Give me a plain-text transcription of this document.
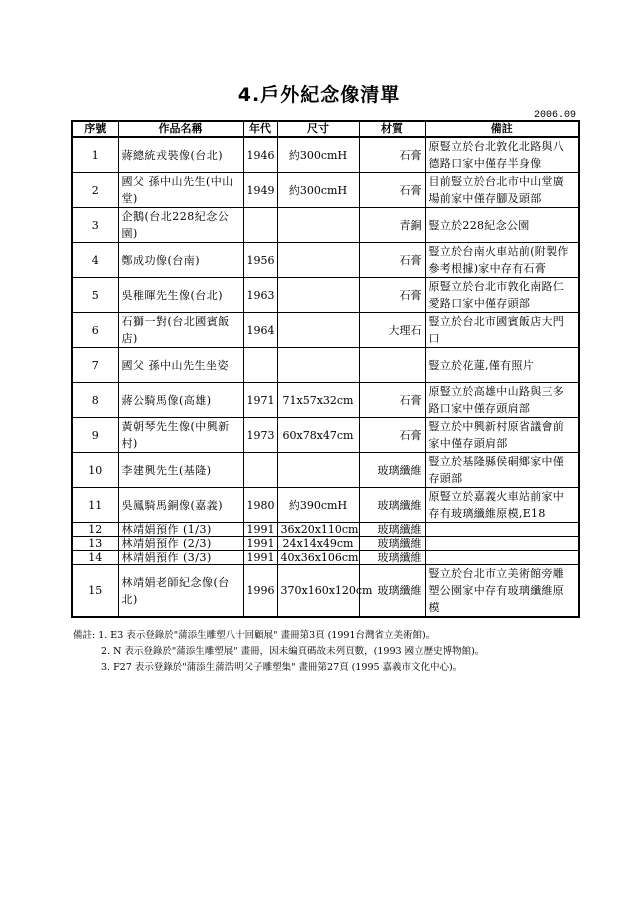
4.戶外紀念像清單
2006.09
序號	作品名稱	年代	尺寸	材質	備註
1	蔣總統戎裝像(台北)	1946	約300cmH	石膏	原豎立於台北敦化北路與八德路口家中僅存半身像
2	國父 孫中山先生(中山堂)	1949	約300cmH	石膏	目前豎立於台北市中山堂廣場前家中僅存腳及頭部
3	企鵝(台北228紀念公園)			青銅	豎立於228紀念公園
4	鄭成功像(台南)	1956		石膏	豎立於台南火車站前(附製作參考根據)家中存有石膏
5	吳稚暉先生像(台北)	1963		石膏	原豎立於台北市敦化南路仁愛路口家中僅存頭部
6	石獅一對(台北國賓飯店)	1964		大理石	豎立於台北市國賓飯店大門口
7	國父 孫中山先生坐姿				豎立於花蓮,僅有照片
8	蔣公騎馬像(高雄)	1971	71x57x32cm	石膏	原豎立於高雄中山路與三多路口家中僅存頭肩部
9	黃朝琴先生像(中興新村)	1973	60x78x47cm	石膏	豎立於中興新村原省議會前家中僅存頭肩部
10	李建興先生(基隆)			玻璃纖維	豎立於基隆縣侯硐鄉家中僅存頭部
11	吳鳳騎馬銅像(嘉義)	1980	約390cmH	玻璃纖維	原豎立於嘉義火車站前家中存有玻璃纖維原模,E18
12	林靖娟預作 (1/3)	1991	36x20x110cm	玻璃纖維	
13	林靖娟預作 (2/3)	1991	24x14x49cm	玻璃纖維	
14	林靖娟預作 (3/3)	1991	40x36x106cm	玻璃纖維	
15	林靖娟老師紀念像(台北)	1996	370x160x120cm	玻璃纖維	豎立於台北市立美術館旁雕塑公園家中存有玻璃纖維原模
備註: 1. E3 表示登錄於"蒲添生雕塑八十回顧展" 畫冊第3頁 (1991台灣省立美術館)。
2. N 表示登錄於"蒲添生雕塑展" 畫冊，因未編頁碼故未列頁數，(1993 國立歷史博物館)。
3. F27 表示登錄於"蒲添生蒲浩明父子雕塑集" 畫冊第27頁 (1995 嘉義市文化中心)。
